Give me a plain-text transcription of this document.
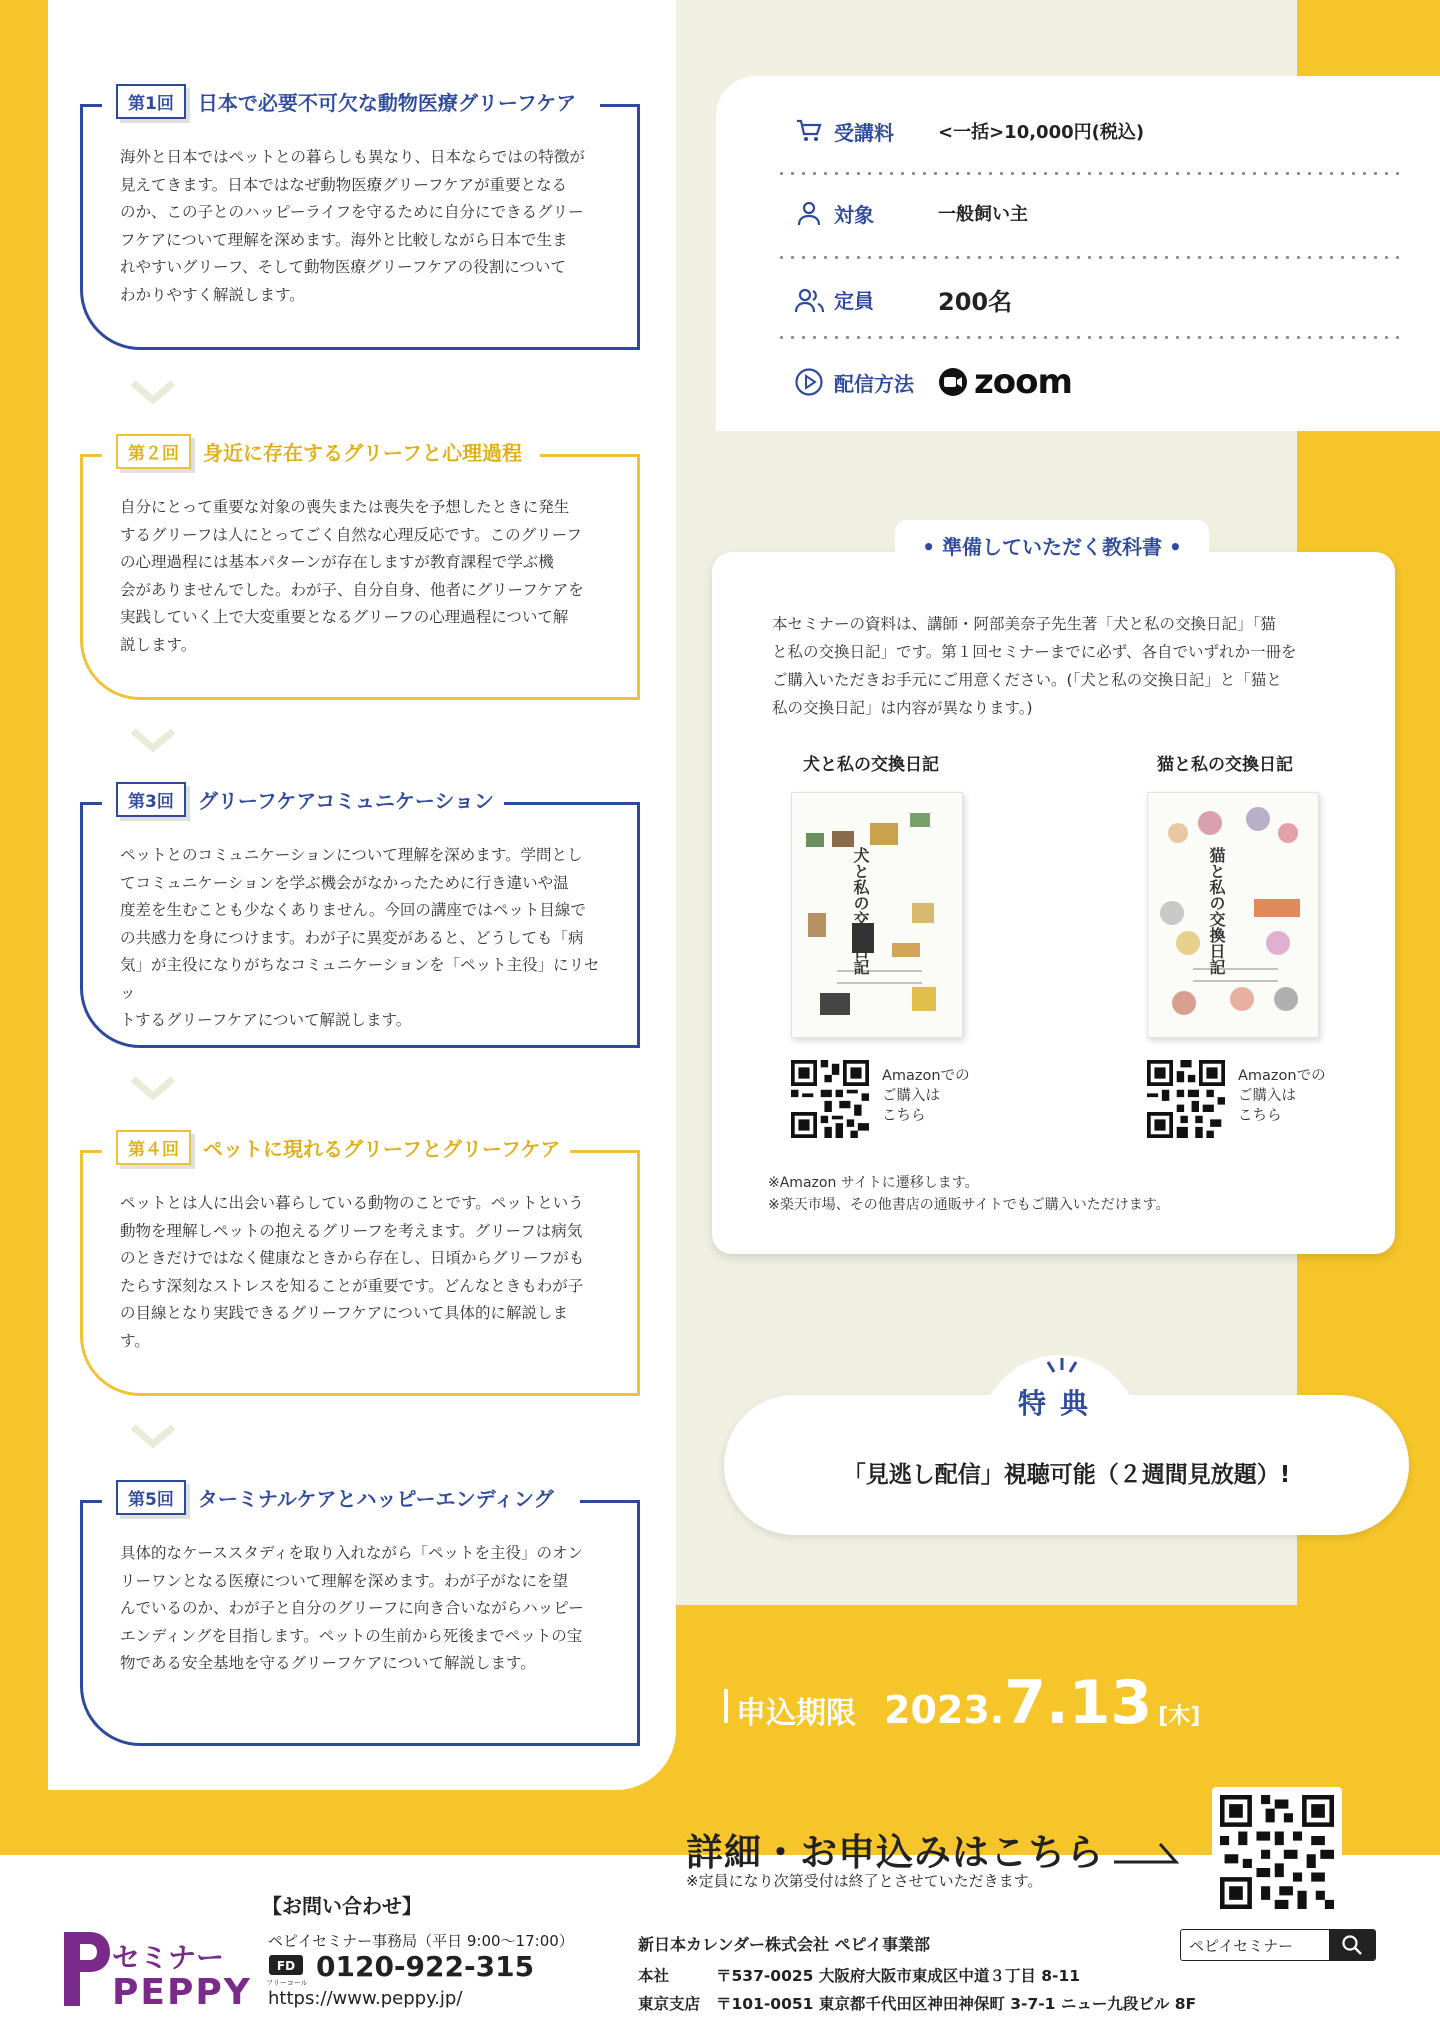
第1回	日本で必要不可欠な動物医療グリーフケア
海外と日本ではペットとの暮らしも異なり、日本ならではの特徴が
見えてきます。日本ではなぜ動物医療グリーフケアが重要となる
のか、この子とのハッピーライフを守るために自分にできるグリー
フケアについて理解を深めます。海外と比較しながら日本で生ま
れやすいグリーフ、そして動物医療グリーフケアの役割について
わかりやすく解説します。
第２回	身近に存在するグリーフと心理過程
自分にとって重要な対象の喪失または喪失を予想したときに発生
するグリーフは人にとってごく自然な心理反応です。このグリーフ
の心理過程には基本パターンが存在しますが教育課程で学ぶ機
会がありませんでした。わが子、自分自身、他者にグリーフケアを
実践していく上で大変重要となるグリーフの心理過程について解
説します。
第3回	グリーフケアコミュニケーション
ペットとのコミュニケーションについて理解を深めます。学問とし
てコミュニケーションを学ぶ機会がなかったために行き違いや温
度差を生むことも少なくありません。今回の講座ではペット目線で
の共感力を身につけます。わが子に異変があると、どうしても「病
気」が主役になりがちなコミュニケーションを「ペット主役」にリセッ
トするグリーフケアについて解説します。
第４回	ペットに現れるグリーフとグリーフケア
ペットとは人に出会い暮らしている動物のことです。ペットという
動物を理解しペットの抱えるグリーフを考えます。グリーフは病気
のときだけではなく健康なときから存在し、日頃からグリーフがも
たらす深刻なストレスを知ることが重要です。どんなときもわが子
の目線となり実践できるグリーフケアについて具体的に解説しま
す。
第5回	ターミナルケアとハッピーエンディング
具体的なケーススタディを取り入れながら「ペットを主役」のオン
リーワンとなる医療について理解を深めます。わが子がなにを望
んでいるのか、わが子と自分のグリーフに向き合いながらハッピー
エンディングを目指します。ペットの生前から死後までペットの宝
物である安全基地を守るグリーフケアについて解説します。
受講料	<一括>10,000円(税込)
対象	一般飼い主
定員	200名
配信方法	zoom
• 準備していただく教科書 •
本セミナーの資料は、講師・阿部美奈子先生著「犬と私の交換日記」「猫
と私の交換日記」です。第１回セミナーまでに必ず、各自でいずれか一冊を
ご購入いただきお手元にご用意ください。(「犬と私の交換日記」と「猫と
私の交換日記」は内容が異なります。)
犬と私の交換日記	猫と私の交換日記
犬と私の交換日記	猫と私の交換日記
Amazonでの
ご購入は
こちら
Amazonでの
ご購入は
こちら
※Amazon サイトに遷移します。
※楽天市場、その他書店の通販サイトでもご購入いただけます。
特典
「見逃し配信」視聴可能（２週間見放題）!
申込期限 2023. 7.13 [木]
詳細・お申込みはこちら
※定員になり次第受付は終了とさせていただきます。
セミナー
PEPPY
【お問い合わせ】
ペピイセミナー事務局（平日 9:00～17:00）
FD 0120-922-315
フリーコール
https://www.peppy.jp/
新日本カレンダー株式会社 ペピイ事業部
本社	〒537-0025 大阪府大阪市東成区中道３丁目 8-11
東京支店 〒101-0051 東京都千代田区神田神保町 3-7-1 ニュー九段ビル 8F
ペピイセミナー
